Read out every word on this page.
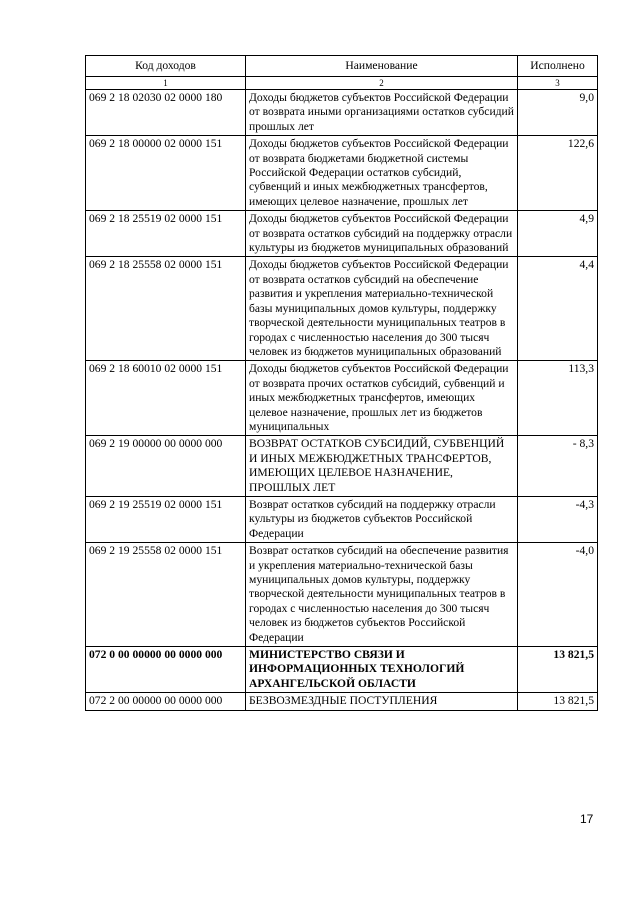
Код доходов	Наименование	Исполнено
1	2	3
069 2 18 02030 02 0000 180	Доходы бюджетов субъектов Российской Федерации от возврата иными организациями остатков субсидий прошлых лет	9,0
069 2 18 00000 02 0000 151	Доходы бюджетов субъектов Российской Федерации от возврата бюджетами бюджетной системы Российской Федерации остатков субсидий, субвенций и иных межбюджетных трансфертов, имеющих целевое назначение, прошлых лет	122,6
069 2 18 25519 02 0000 151	Доходы бюджетов субъектов Российской Федерации от возврата остатков субсидий на поддержку отрасли культуры из бюджетов муниципальных образований	4,9
069 2 18 25558 02 0000 151	Доходы бюджетов субъектов Российской Федерации от возврата остатков субсидий на обеспечение развития и укрепления материально-технической базы муниципальных домов культуры, поддержку творческой деятельности муниципальных театров в городах с численностью населения до 300 тысяч человек из бюджетов муниципальных образований	4,4
069 2 18 60010 02 0000 151	Доходы бюджетов субъектов Российской Федерации от возврата прочих остатков субсидий, субвенций и иных межбюджетных трансфертов, имеющих целевое назначение, прошлых лет из бюджетов муниципальных	113,3
069 2 19 00000 00 0000 000	ВОЗВРАТ ОСТАТКОВ СУБСИДИЙ, СУБВЕНЦИЙ И ИНЫХ МЕЖБЮДЖЕТНЫХ ТРАНСФЕРТОВ, ИМЕЮЩИХ ЦЕЛЕВОЕ НАЗНАЧЕНИЕ, ПРОШЛЫХ ЛЕТ	- 8,3
069 2 19 25519 02 0000 151	Возврат остатков субсидий на поддержку отрасли культуры из бюджетов субъектов Российской Федерации	-4,3
069 2 19 25558 02 0000 151	Возврат остатков субсидий на обеспечение развития и укрепления материально-технической базы муниципальных домов культуры, поддержку творческой деятельности муниципальных театров в городах с численностью населения до 300 тысяч человек из бюджетов субъектов Российской Федерации	-4,0
072 0 00 00000 00 0000 000	МИНИСТЕРСТВО СВЯЗИ И ИНФОРМАЦИОННЫХ ТЕХНОЛОГИЙ АРХАНГЕЛЬСКОЙ ОБЛАСТИ	13 821,5
072 2 00 00000 00 0000 000	БЕЗВОЗМЕЗДНЫЕ ПОСТУПЛЕНИЯ	13 821,5
17
